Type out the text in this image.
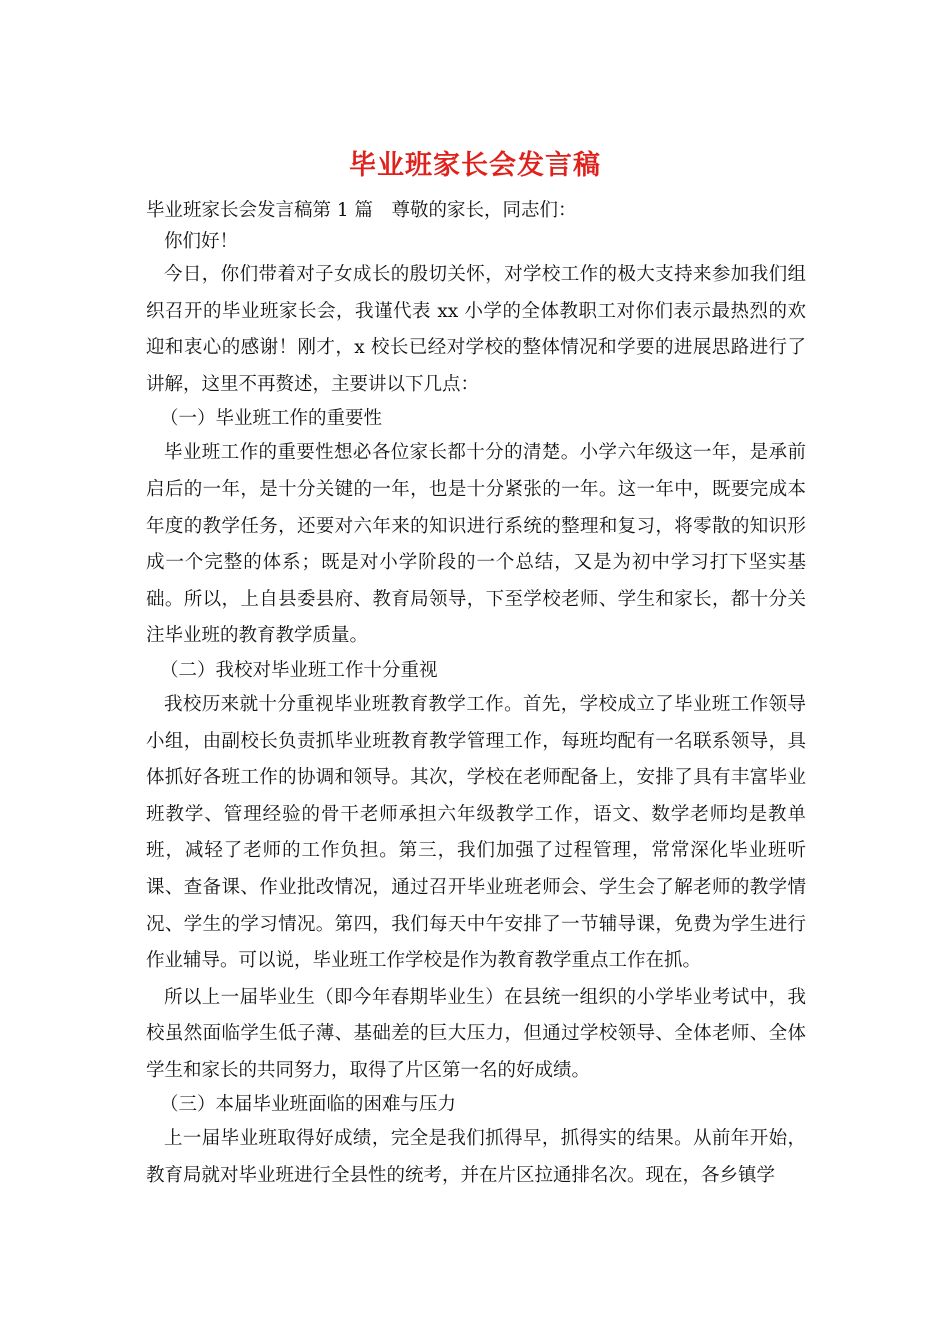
毕业班家长会发言稿
毕业班家长会发言稿第 1 篇　尊敬的家长，同志们：
你们好！

今日，你们带着对子女成长的殷切关怀，对学校工作的极大支持来参加我们组织召开的毕业班家长会，我谨代表 xx 小学的全体教职工对你们表示最热烈的欢迎和衷心的感谢！刚才，x 校长已经对学校的整体情况和学要的进展思路进行了讲解，这里不再赘述，主要讲以下几点：

（一）毕业班工作的重要性

毕业班工作的重要性想必各位家长都十分的清楚。小学六年级这一年，是承前启后的一年，是十分关键的一年，也是十分紧张的一年。这一年中，既要完成本年度的教学任务，还要对六年来的知识进行系统的整理和复习，将零散的知识形成一个完整的体系；既是对小学阶段的一个总结，又是为初中学习打下坚实基础。所以，上自县委县府、教育局领导，下至学校老师、学生和家长，都十分关注毕业班的教育教学质量。

（二）我校对毕业班工作十分重视

我校历来就十分重视毕业班教育教学工作。首先，学校成立了毕业班工作领导小组，由副校长负责抓毕业班教育教学管理工作，每班均配有一名联系领导，具体抓好各班工作的协调和领导。其次，学校在老师配备上，安排了具有丰富毕业班教学、管理经验的骨干老师承担六年级教学工作，语文、数学老师均是教单班，减轻了老师的工作负担。第三，我们加强了过程管理，常常深化毕业班听课、查备课、作业批改情况，通过召开毕业班老师会、学生会了解老师的教学情况、学生的学习情况。第四，我们每天中午安排了一节辅导课，免费为学生进行作业辅导。可以说，毕业班工作学校是作为教育教学重点工作在抓。

所以上一届毕业生（即今年春期毕业生）在县统一组织的小学毕业考试中，我校虽然面临学生低子薄、基础差的巨大压力，但通过学校领导、全体老师、全体学生和家长的共同努力，取得了片区第一名的好成绩。

（三）本届毕业班面临的困难与压力

上一届毕业班取得好成绩，完全是我们抓得早，抓得实的结果。从前年开始，教育局就对毕业班进行全县性的统考，并在片区拉通排名次。现在，各乡镇学
